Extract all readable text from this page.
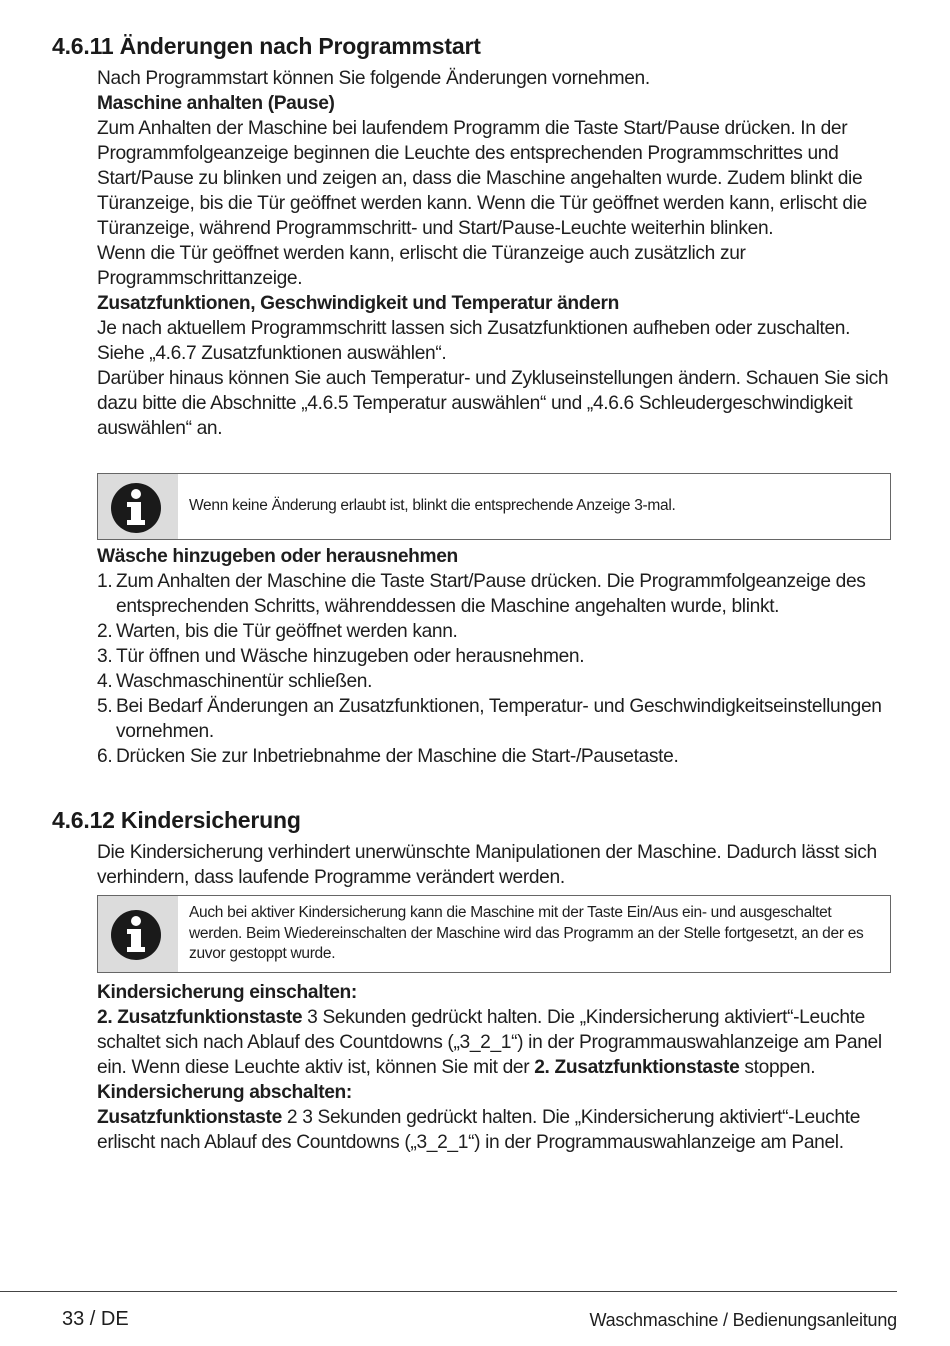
4.6.11 Änderungen nach Programmstart

Nach Programmstart können Sie folgende Änderungen vornehmen.

Maschine anhalten (Pause)

Zum Anhalten der Maschine bei laufendem Programm die Taste Start/Pause drücken. In der Programmfolgeanzeige beginnen die Leuchte des entsprechenden Programmschrittes und Start/Pause zu blinken und zeigen an, dass die Maschine angehalten wurde. Zudem blinkt die Türanzeige, bis die Tür geöffnet werden kann. Wenn die Tür geöffnet werden kann, erlischt die Türanzeige, während Programmschritt- und Start/Pause-Leuchte weiterhin blinken.

Wenn die Tür geöffnet werden kann, erlischt die Türanzeige auch zusätzlich zur Programmschrittanzeige.

Zusatzfunktionen, Geschwindigkeit und Temperatur ändern

Je nach aktuellem Programmschritt lassen sich Zusatzfunktionen aufheben oder zuschalten. Siehe „4.6.7 Zusatzfunktionen auswählen“.

Darüber hinaus können Sie auch Temperatur- und Zykluseinstellungen ändern. Schauen Sie sich dazu bitte die Abschnitte „4.6.5 Temperatur auswählen“ und „4.6.6 Schleudergeschwindigkeit auswählen“ an.

Wenn keine Änderung erlaubt ist, blinkt die entsprechende Anzeige 3-mal.

Wäsche hinzugeben oder herausnehmen

1. Zum Anhalten der Maschine die Taste Start/Pause drücken. Die Programmfolgeanzeige des entsprechenden Schritts, währenddessen die Maschine angehalten wurde, blinkt.
2. Warten, bis die Tür geöffnet werden kann.
3. Tür öffnen und Wäsche hinzugeben oder herausnehmen.
4. Waschmaschinentür schließen.
5. Bei Bedarf Änderungen an Zusatzfunktionen, Temperatur- und Geschwindigkeitseinstellungen vornehmen.
6. Drücken Sie zur Inbetriebnahme der Maschine die Start-/Pausetaste.
4.6.12 Kindersicherung

Die Kindersicherung verhindert unerwünschte Manipulationen der Maschine. Dadurch lässt sich verhindern, dass laufende Programme verändert werden.

Auch bei aktiver Kindersicherung kann die Maschine mit der Taste Ein/Aus ein- und ausgeschaltet werden. Beim Wiedereinschalten der Maschine wird das Programm an der Stelle fortgesetzt, an der es zuvor gestoppt wurde.

Kindersicherung einschalten:

2. Zusatzfunktionstaste 3 Sekunden gedrückt halten. Die „Kindersicherung aktiviert“-Leuchte schaltet sich nach Ablauf des Countdowns („3_2_1“) in der Programmauswahlanzeige am Panel ein. Wenn diese Leuchte aktiv ist, können Sie mit der 2. Zusatzfunktionstaste stoppen.

Kindersicherung abschalten:

Zusatzfunktionstaste 2 3 Sekunden gedrückt halten. Die „Kindersicherung aktiviert“-Leuchte erlischt nach Ablauf des Countdowns („3_2_1“) in der Programmauswahlanzeige am Panel.

33 / DE	Waschmaschine / Bedienungsanleitung
